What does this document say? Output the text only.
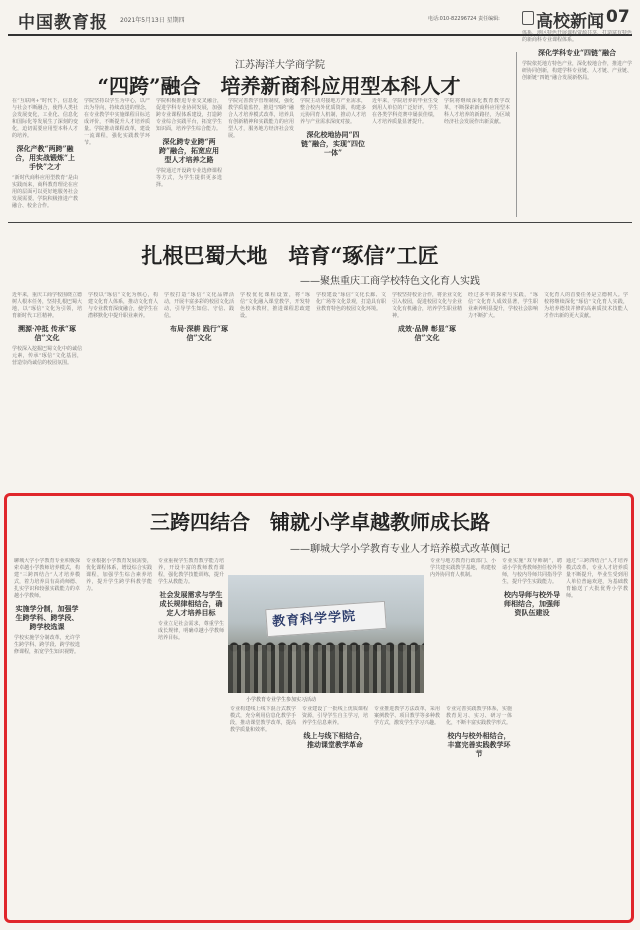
中国教育报 2021年5月13日 星期四	电话:010-82296724 责任编辑: 高校新闻 07
江苏海洋大学商学院
“四跨”融合　培养新商科应用型本科人才
在“互联网+”时代下，信息化与社会不断融合，使得人类社会发展变化，工业化、信息化和国际化等发展生了深刻的变化，迫切需要应用型本科人才的培养。
深化产教“两跨”融合，用实战锻炼“上手快”之才
“新时代商科应用型教育”是由实践而来，商科教育理论在应用的层面可以更好地服务社会发展需要。学院积极推进产教融合、校企合作。
学院坚持以学生为中心，以产出为导向，持续改进的理念，在专业教学中实施课程目标达成评价，不断提升人才培养质量。学院推动课程改革，建设一流课程，强化实践教学环节。
学院积极推进专业交叉融合，促进学科专业协同发展，加强跨专业课程体系建设，打造跨专业综合实践平台，拓宽学生知识面，培养学生综合能力。
深化跨专业跨“两跨”融合，拓宽应用型人才培养之路
学院通过开设跨专业选修课程等方式，为学生提供更多选择。
学院完善教学管理制度，强化教学质量监控，推进“四跨”融合人才培养模式改革，培养具有创新精神和实践能力的应用型人才，服务地方经济社会发展。
学院主动对接地方产业需求，整合校内外优质资源，构建多元协同育人机制，推动人才培养与产业需求深度对接。
深化校地协同“四链”融合，实现“四位一体”
近年来，学院培养的毕业生受到用人单位的广泛好评，学生在各类学科竞赛中屡获佳绩，人才培养质量显著提升。
学院将继续深化教育教学改革，不断探索新商科应用型本科人才培养的新路径，为区域经济社会发展作出新贡献。
体系，地区特色开展课程资源共享，打造富有特色的新商科专业课程体系。
深化学科专业“四链”融合
学院依托地方特色产业，深化校地合作，推进产学研协同创新，构建学科专业链、人才链、产业链、创新链“四链”融合发展新格局。
扎根巴蜀大地　培育“琢信”工匠
——聚焦重庆工商学校特色文化育人实践
近年来，重庆工商学校围绕立德树人根本任务，坚持扎根巴蜀大地，以“琢信”文化为引领，培育新时代工匠精神。
溯源·冲抵 传承“琢信”文化
学校深入挖掘巴蜀文化中的诚信元素，传承“琢信”文化基因，营造崇尚诚信的校园氛围。
学校以“琢信”文化为核心，构建文化育人体系，推动文化育人与专业教育深度融合，使学生在潜移默化中提升职业素养。
学校打造“琢信”文化品牌活动，开展丰富多彩的校园文化活动，引导学生知信、守信、践信。
布局·深耕 践行“琢信”文化
学校优化课程设置，将“琢信”文化融入课堂教学，开发特色校本教材，推进课程思政建设。
学校建设“琢信”文化长廊、文化广场等文化景观，打造具有职业教育特色的校园文化环境。
学校坚持校企合作，将企业文化引入校园，促进校园文化与企业文化有机融合，培养学生职业精神。
成效·品牌 彰显“琢信”文化
经过多年的探索与实践，“琢信”文化育人成效显著，学生职业素养明显提升，学校社会影响力不断扩大。
文化育人的首要任务是立德树人。学校将继续深化“琢信”文化育人实践，为培养德技并修的高素质技术技能人才作出新的更大贡献。
三跨四结合　铺就小学卓越教师成长路
——聊城大学小学教育专业人才培养模式改革侧记
聊城大学小学教育专业积极探索卓越小学教师培养模式，构建“三跨四结合”人才培养模式，着力培养具有高尚师德、扎实学识和较强实践能力的卓越小学教师。
实施学分制，加强学生跨学科、跨学段、跨学校选课
学校实施学分制改革，允许学生跨学科、跨学段、跨学校选修课程，拓宽学生知识视野。
专业根据小学教育发展需要，优化课程体系，增设综合实践课程，加强学生综合素养培养，提升学生跨学科教学能力。
专业重视学生教育教学能力培养，开设丰富的教师教育课程，强化教学技能训练，提升学生从教能力。
社会发展需求与学生成长规律相结合，确定人才培养目标
专业立足社会需求，尊重学生成长规律，明确卓越小学教师培养目标。
专业构建线上线下混合式教学模式，充分利用信息化教学手段，推动课堂教学改革，提高教学质量和效率。
专业建设了一批线上优质课程资源，引导学生自主学习，培养学生信息素养。
线上与线下相结合，推动课堂教学革命
专业推进教学方法改革，采用案例教学、项目教学等多种教学方式，激发学生学习兴趣。
专业与地方教育行政部门、小学共建实践教学基地，构建校内外协同育人机制。
专业完善实践教学体系，实施教育见习、实习、研习一体化，不断丰富实践教学形式。
校内与校外相结合，丰富完善实践教学环节
专业实施“双导师制”，聘请小学优秀教师担任校外导师，与校内导师共同指导学生，提升学生实践能力。
校内导师与校外导师相结合，加强师资队伍建设
通过“三跨四结合”人才培养模式改革，专业人才培养质量不断提升，毕业生受到用人单位普遍欢迎，为基础教育输送了大批优秀小学教师。
教育科学学院
小学教育专业学生参加实习活动
